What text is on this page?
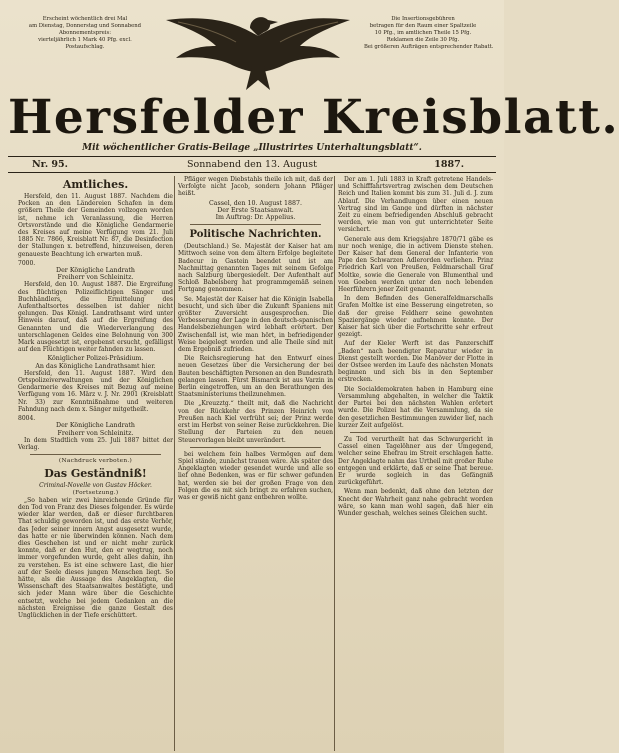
Erscheint wöchentlich drei Mal
am Dienstag, Donnerstag und Sonnabend
Abonnementspreis:
vierteljährlich 1 Mark 40 Pfg. excl.
Postaufschlag.
Die Insertionsgebühren
betragen für den Raum einer Spaltzeile
10 Pfg., im amtlichen Theile 15 Pfg.
Reklamen die Zeile 30 Pfg.
Bei größeren Aufträgen entsprechender Rabatt.
Hersfelder Kreisblatt.
Mit wöchentlicher Gratis-Beilage „Illustrirtes Unterhaltungsblatt“.
Nr. 95.	Sonnabend den 13. August	1887.
Amtliches.

Hersfeld, den 11. August 1887. Nachdem die Pocken an den Ländereien Schafen in dem größern Theile der Gemeinden vollzogen worden ist, nehme ich Veranlassung, die Herren Ortsvorstände und die Königliche Gendarmerie des Kreises auf meine Verfügung vom 21. Juli 1885 Nr. 7866, Kreisblatt Nr. 87, die Desinfection der Stallungen x. betreffend, hinzuweisen, deren genaueste Beachtung ich erwarten muß.

7000.
Der Königliche Landrath
Freiherr von Schleinitz.

Hersfeld, den 10. August 1887. Die Ergreifung des flüchtigen Polizeiflichtigen Sänger und Buchhändlers, die Ermittelung des Aufenthaltsortes desselben ist dahier nicht gelungen. Das Königl. Landrathsamt wird unter Hinweis darauf, daß auf die Ergreifung des Genannten und die Wiederverlangung des unterschlagenen Geldes eine Belohnung von 300 Mark ausgesetzt ist, ergebenst ersucht, gefälligst auf den Flüchtigen weiter fahnden zu lassen.

Königlicher Polizei-Präsidium.
An das Königliche Landrathsamt hier.

Hersfeld, den 11. August 1887. Wird den Ortspolizeiverwaltungen und der Königlichen Gendarmerie des Kreises mit Bezug auf meine Verfügung vom 16. März v. J. Nr. 2901 (Kreisblatt Nr. 33) zur Kenntnißnahme und weiteren Fahndung nach dem x. Sänger mitgetheilt.

8004.
Der Königliche Landrath
Freiherr von Schleinitz.

In dem Stadtlich vom 25. Juli 1887 bittet der Verlag.

(Nachdruck verboten.)
Das Geständniß!
Criminal-Novelle von Gustav Höcker.
(Fortsetzung.)

„So haben wir zwei hinreichende Gründe für den Tod von Franz des Dieses folgender. Es würde wieder klar werden, daß er dieser furchtbaren That schuldig geworden ist, und das erste Verhör, das Jeder seiner innern Angst ausgesetzt wurde, das hatte er nie überwinden können. Nach dem dies Geschehen ist und er nicht mehr zurück konnte, daß er den Hut, den er wegtrug, noch immer vorgefunden wurde, geht alles dahin, ihn zu verstehen. Es ist eine schwere Last, die hier auf der Seele dieses jungen Menschen liegt. So hätte, als die Aussage des Angeklagten, die Wissenschaft des Staatsanwaltes bestätigte, und sich jeder Mann wäre über die Geschichte entsetzt, welche bei jedem Gedanken an die nächsten Ereignisse die ganze Gestalt des Unglücklichen in der Tiefe erschüttert.

Pfläger wegen Diebstahls theile ich mit, daß der Verfolgte nicht Jacob, sondern Johann Pfläger heißt.

Cassel, den 10. August 1887.
Der Erste Staatsanwalt.
Im Auftrag: Dr. Appelius.
Politische Nachrichten.

(Deutschland.) Se. Majestät der Kaiser hat am Mittwoch seine von dem ältern Erfolge begleitete Badecur in Gastein beendet und ist am Nachmittag genannten Tages mit seinem Gefolge nach Salzburg übergesiedelt. Der Aufenthalt auf Schloß Babelsberg hat programmgemäß seinen Fortgang genommen.

Se. Majestät der Kaiser hat die Königin Isabella besucht, und sich über die Zukunft Spaniens mit größter Zuversicht ausgesprochen. Die Verbesserung der Lage in den deutsch-spanischen Handelsbeziehungen wird lebhaft erörtert. Der Zwischenfall ist, wie man hört, in befriedigender Weise beigelegt worden und alle Theile sind mit dem Ergebniß zufrieden.

Die Reichsregierung hat den Entwurf eines neuen Gesetzes über die Versicherung der bei Bauten beschäftigten Personen an den Bundesrath gelangen lassen. Fürst Bismarck ist aus Varzin in Berlin eingetroffen, um an den Berathungen des Staatsministeriums theilzunehmen.

Die „Kreuzztg.“ theilt mit, daß die Nachricht von der Rückkehr des Prinzen Heinrich von Preußen nach Kiel verfrüht sei; der Prinz werde erst im Herbst von seiner Reise zurückkehren. Die Stellung der Parteien zu den neuen Steuervorlagen bleibt unverändert.

bei welchem fein halbes Vermögen auf dem Spiel stände, zunächst trauen wäre. Als später des Angeklagten wieder gesendet wurde und alle so lief ohne Bedenken, was er für schwer gefunden hat, werden sie bei der großen Frage von den Folgen die es mit sich bringt zu erfahren suchen, was er gewiß nicht ganz entbehren wollte.

Der am 1. Juli 1883 in Kraft getretene Handels- und Schifffahrtsvertrag zwischen dem Deutschen Reich und Italien kommt bis zum 31. Juli d. J. zum Ablauf. Die Verhandlungen über einen neuen Vertrag sind im Gange und dürften in nächster Zeit zu einem befriedigenden Abschluß gebracht werden, wie man von gut unterrichteter Seite versichert.

Generale aus dem Kriegsjahre 1870/71 gäbe es nur noch wenige, die in activem Dienste stehen. Der Kaiser hat dem General der Infanterie von Pape den Schwarzen Adlerorden verliehen. Prinz Friedrich Karl von Preußen, Feldmarschall Graf Moltke, sowie die Generale von Blumenthal und von Goeben werden unter den noch lebenden Heerführern jener Zeit genannt.

In dem Befinden des Generalfeldmarschalls Grafen Moltke ist eine Besserung eingetreten, so daß der greise Feldherr seine gewohnten Spaziergänge wieder aufnehmen konnte. Der Kaiser hat sich über die Fortschritte sehr erfreut gezeigt.

Auf der Kieler Werft ist das Panzerschiff „Baden“ nach beendigter Reparatur wieder in Dienst gestellt worden. Die Manöver der Flotte in der Ostsee werden im Laufe des nächsten Monats beginnen und sich bis in den September erstrecken.

Die Socialdemokraten haben in Hamburg eine Versammlung abgehalten, in welcher die Taktik der Partei bei den nächsten Wahlen erörtert wurde. Die Polizei hat die Versammlung, da sie den gesetzlichen Bestimmungen zuwider lief, nach kurzer Zeit aufgelöst.

Zu Tod verurtheilt hat das Schwurgericht in Cassel einen Tagelöhner aus der Umgegend, welcher seine Ehefrau im Streit erschlagen hatte. Der Angeklagte nahm das Urtheil mit großer Ruhe entgegen und erklärte, daß er seine That bereue. Er wurde sogleich in das Gefängniß zurückgeführt.

Wenn man bedenkt, daß ohne den letzten der Knecht der Wahrheit ganz nahe gebracht worden wäre, so kann man wohl sagen, daß hier ein Wunder geschah, welches seines Gleichen sucht.
